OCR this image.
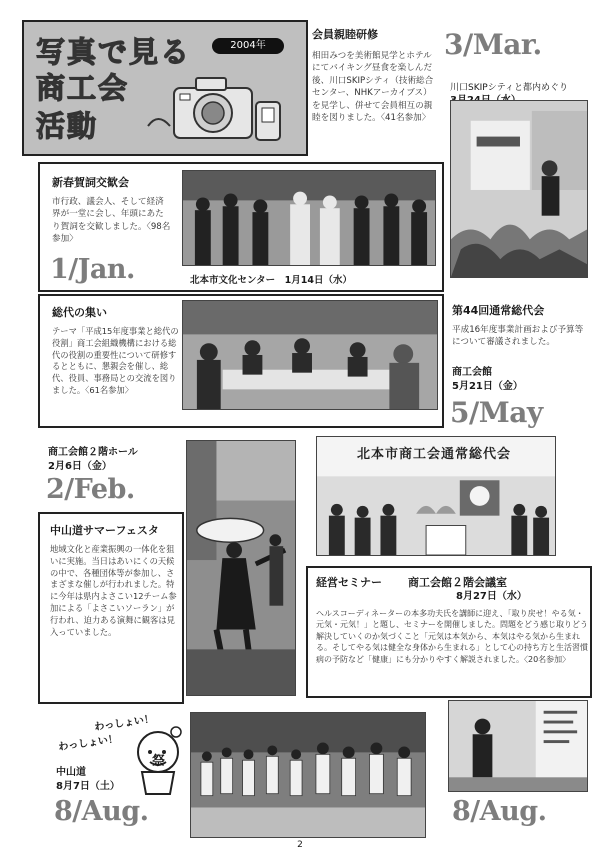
写真で見る	2004年
商工会
活動
会員親睦研修
相田みつを美術館見学とホテルにてバイキング昼食を楽しんだ後、川口SKIPシティ（技術総合センター、NHKアーカイブス）を見学し、併せて会員相互の親睦を図りました。〈41名参加〉
3/Mar.
川口SKIPシティと都内めぐり
新春賀詞交歓会
市行政、議会人、そして経済界が一堂に会し、年頭にあたり賀詞を交歓しました。〈98名参加〉
1/Jan.	北本市文化センター　1月14日（水）
総代の集い
テーマ「平成15年度事業と総代の役割」商工会組織機構における総代の役割の重要性について研修するとともに、懇親会を催し、総代、役員、事務局との交流を図りました。〈61名参加〉
第44回通常総代会
平成16年度事業計画および予算等について審議されました。
商工会館
5月21日（金）
5/May
商工会館２階ホール
2月6日（金）
2/Feb.
北本市商工会通常総代会
中山道サマーフェスタ
地域文化と産業振興の一体化を狙いに実施。当日はあいにくの天候の中で、各種団体等が参加し、さまざまな催しが行われました。特に今年は県内よさこい12チーム参加による「よさこいソーラン」が行われ、迫力ある演舞に観客は見入っていました。
経営セミナー 商工会館２階会議室
8月27日（水）
ヘルスコーディネーターの本多功夫氏を講師に迎え、「取り戻せ！やる気・元気・元気！」と題し、セミナーを開催しました。問題をどう感じ取りどう解決していくのか気づくこと「元気は本気から、本気はやる気から生まれる。そしてやる気は健全な身体から生まれる」として心の持ち方と生活習慣病の予防など「健康」にも分かりやすく解説されました。〈20名参加〉
わっしょい！
わっしょい！
祭
中山道
8月7日（土）
8/Aug.	8/Aug.
2
